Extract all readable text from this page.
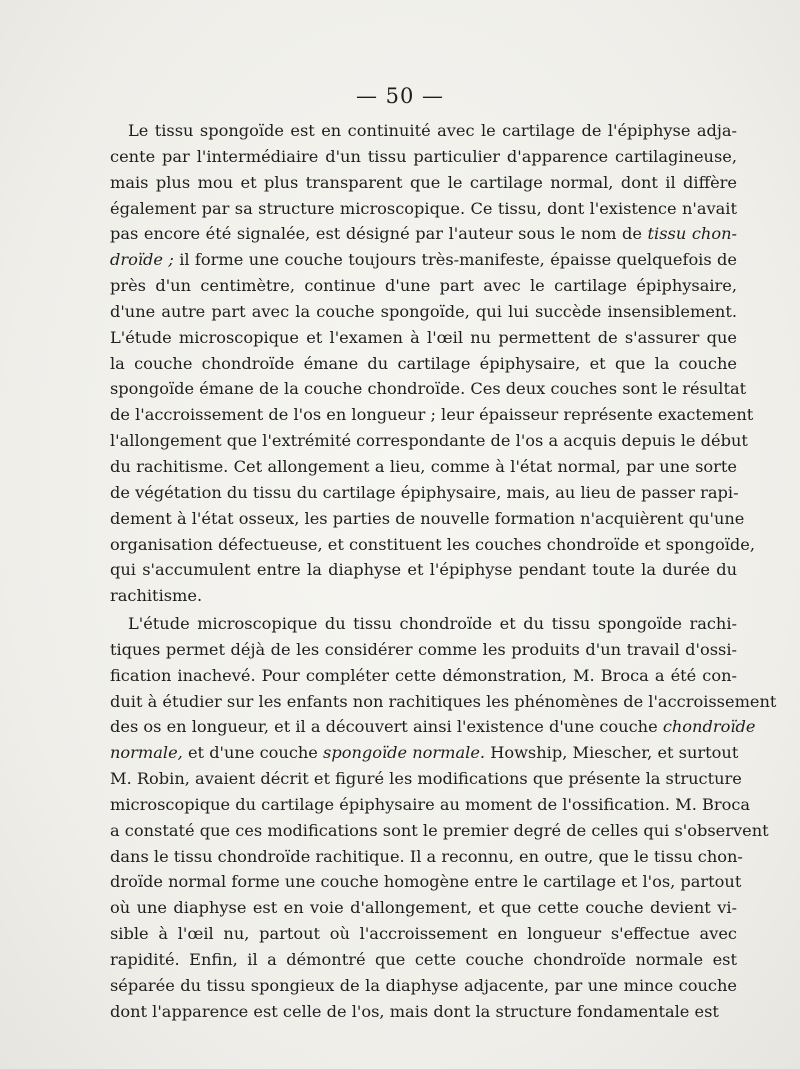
— 50 —
Le tissu spongoïde est en continuité avec le cartilage de l'épiphyse adja-
cente par l'intermédiaire d'un tissu particulier d'apparence cartilagineuse,
mais plus mou et plus transparent que le cartilage normal, dont il diffère
également par sa structure microscopique. Ce tissu, dont l'existence n'avait
pas encore été signalée, est désigné par l'auteur sous le nom de tissu chon-
droïde ; il forme une couche toujours très-manifeste, épaisse quelquefois de
près d'un centimètre, continue d'une part avec le cartilage épiphysaire,
d'une autre part avec la couche spongoïde, qui lui succède insensiblement.
L'étude microscopique et l'examen à l'œil nu permettent de s'assurer que
la couche chondroïde émane du cartilage épiphysaire, et que la couche
spongoïde émane de la couche chondroïde. Ces deux couches sont le résultat
de l'accroissement de l'os en longueur ; leur épaisseur représente exactement
l'allongement que l'extrémité correspondante de l'os a acquis depuis le début
du rachitisme. Cet allongement a lieu, comme à l'état normal, par une sorte
de végétation du tissu du cartilage épiphysaire, mais, au lieu de passer rapi-
dement à l'état osseux, les parties de nouvelle formation n'acquièrent qu'une
organisation défectueuse, et constituent les couches chondroïde et spongoïde,
qui s'accumulent entre la diaphyse et l'épiphyse pendant toute la durée du
rachitisme.
L'étude microscopique du tissu chondroïde et du tissu spongoïde rachi-
tiques permet déjà de les considérer comme les produits d'un travail d'ossi-
fication inachevé. Pour compléter cette démonstration, M. Broca a été con-
duit à étudier sur les enfants non rachitiques les phénomènes de l'accroissement
des os en longueur, et il a découvert ainsi l'existence d'une couche chondroïde
normale, et d'une couche spongoïde normale. Howship, Miescher, et surtout
M. Robin, avaient décrit et figuré les modifications que présente la structure
microscopique du cartilage épiphysaire au moment de l'ossification. M. Broca
a constaté que ces modifications sont le premier degré de celles qui s'observent
dans le tissu chondroïde rachitique. Il a reconnu, en outre, que le tissu chon-
droïde normal forme une couche homogène entre le cartilage et l'os, partout
où une diaphyse est en voie d'allongement, et que cette couche devient vi-
sible à l'œil nu, partout où l'accroissement en longueur s'effectue avec
rapidité. Enfin, il a démontré que cette couche chondroïde normale est
séparée du tissu spongieux de la diaphyse adjacente, par une mince couche
dont l'apparence est celle de l'os, mais dont la structure fondamentale est
